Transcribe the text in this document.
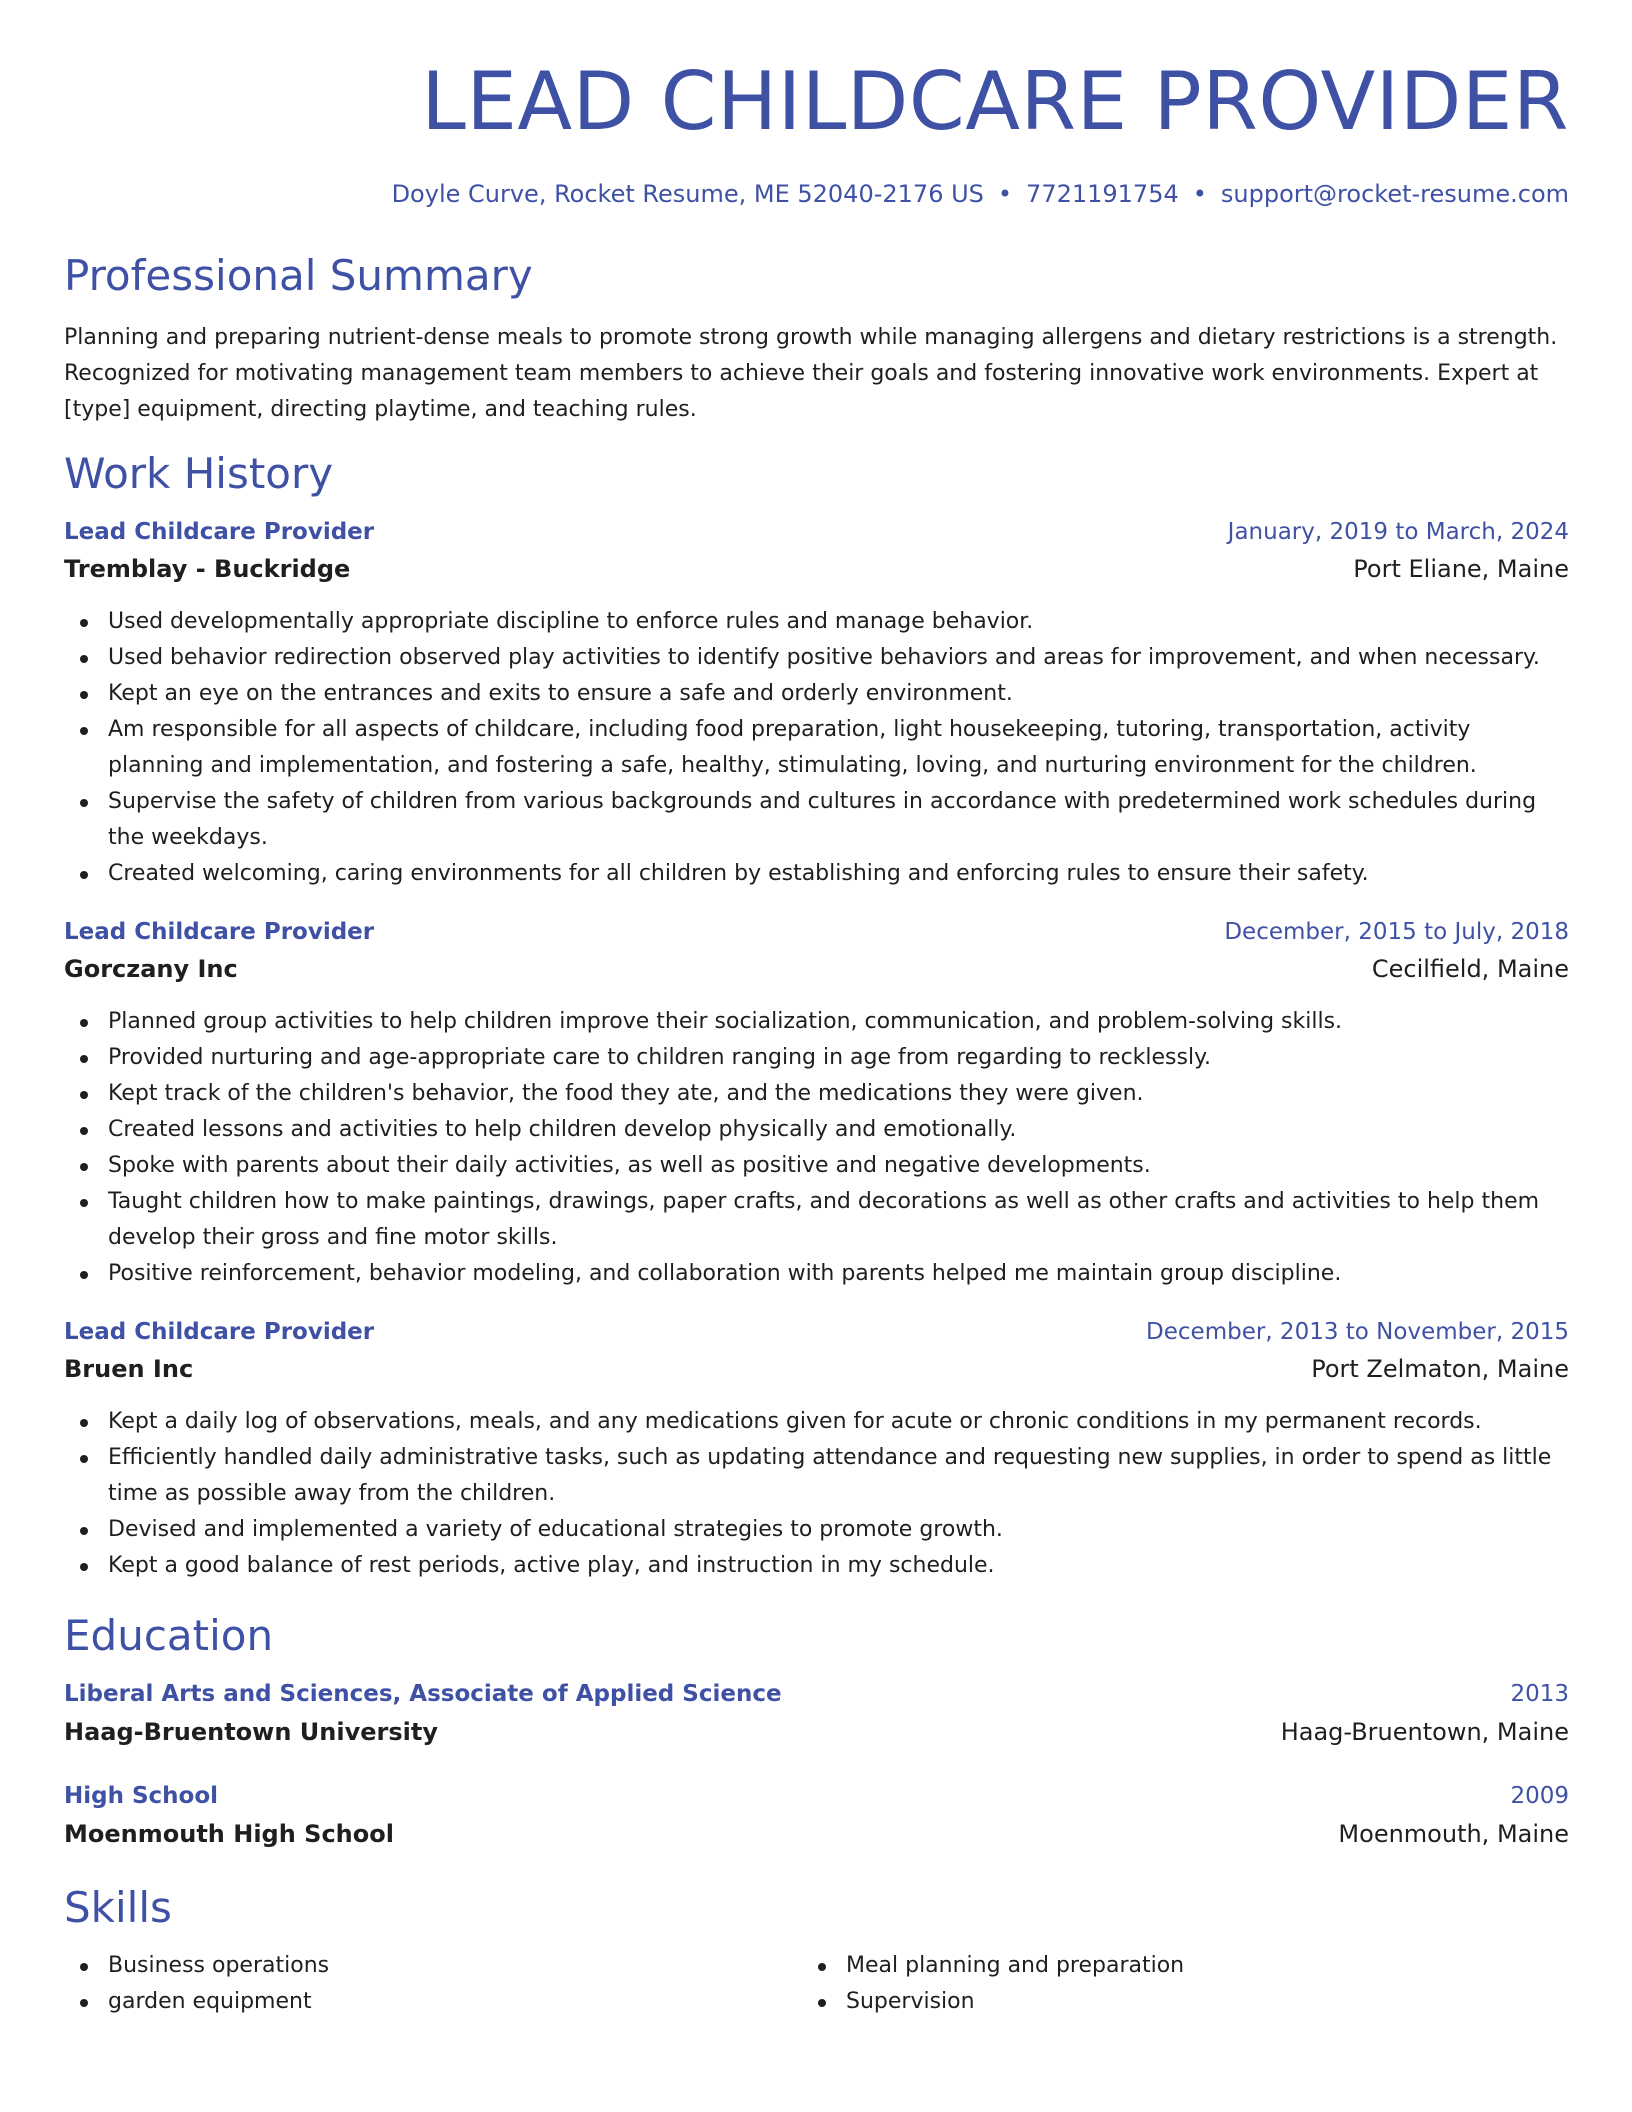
LEAD CHILDCARE PROVIDER
Doyle Curve, Rocket Resume, ME 52040-2176 US • 7721191754 • support@rocket-resume.com
Professional Summary

Planning and preparing nutrient-dense meals to promote strong growth while managing allergens and dietary restrictions is a strength. Recognized for motivating management team members to achieve their goals and fostering innovative work environments. Expert at [type] equipment, directing playtime, and teaching rules.

Work History
Lead Childcare Provider	January, 2019 to March, 2024
Tremblay - Buckridge	Port Eliane, Maine
Used developmentally appropriate discipline to enforce rules and manage behavior.
Used behavior redirection observed play activities to identify positive behaviors and areas for improvement, and when necessary.
Kept an eye on the entrances and exits to ensure a safe and orderly environment.
Am responsible for all aspects of childcare, including food preparation, light housekeeping, tutoring, transportation, activity planning and implementation, and fostering a safe, healthy, stimulating, loving, and nurturing environment for the children.
Supervise the safety of children from various backgrounds and cultures in accordance with predetermined work schedules during the weekdays.
Created welcoming, caring environments for all children by establishing and enforcing rules to ensure their safety.
Lead Childcare Provider	December, 2015 to July, 2018
Gorczany Inc	Cecilfield, Maine
Planned group activities to help children improve their socialization, communication, and problem-solving skills.
Provided nurturing and age-appropriate care to children ranging in age from regarding to recklessly.
Kept track of the children's behavior, the food they ate, and the medications they were given.
Created lessons and activities to help children develop physically and emotionally.
Spoke with parents about their daily activities, as well as positive and negative developments.
Taught children how to make paintings, drawings, paper crafts, and decorations as well as other crafts and activities to help them develop their gross and fine motor skills.
Positive reinforcement, behavior modeling, and collaboration with parents helped me maintain group discipline.
Lead Childcare Provider	December, 2013 to November, 2015
Bruen Inc	Port Zelmaton, Maine
Kept a daily log of observations, meals, and any medications given for acute or chronic conditions in my permanent records.
Efficiently handled daily administrative tasks, such as updating attendance and requesting new supplies, in order to spend as little time as possible away from the children.
Devised and implemented a variety of educational strategies to promote growth.
Kept a good balance of rest periods, active play, and instruction in my schedule.
Education
Liberal Arts and Sciences, Associate of Applied Science	2013
Haag-Bruentown University	Haag-Bruentown, Maine
High School	2009
Moenmouth High School	Moenmouth, Maine
Skills
Business operations
garden equipment
Meal planning and preparation
Supervision
